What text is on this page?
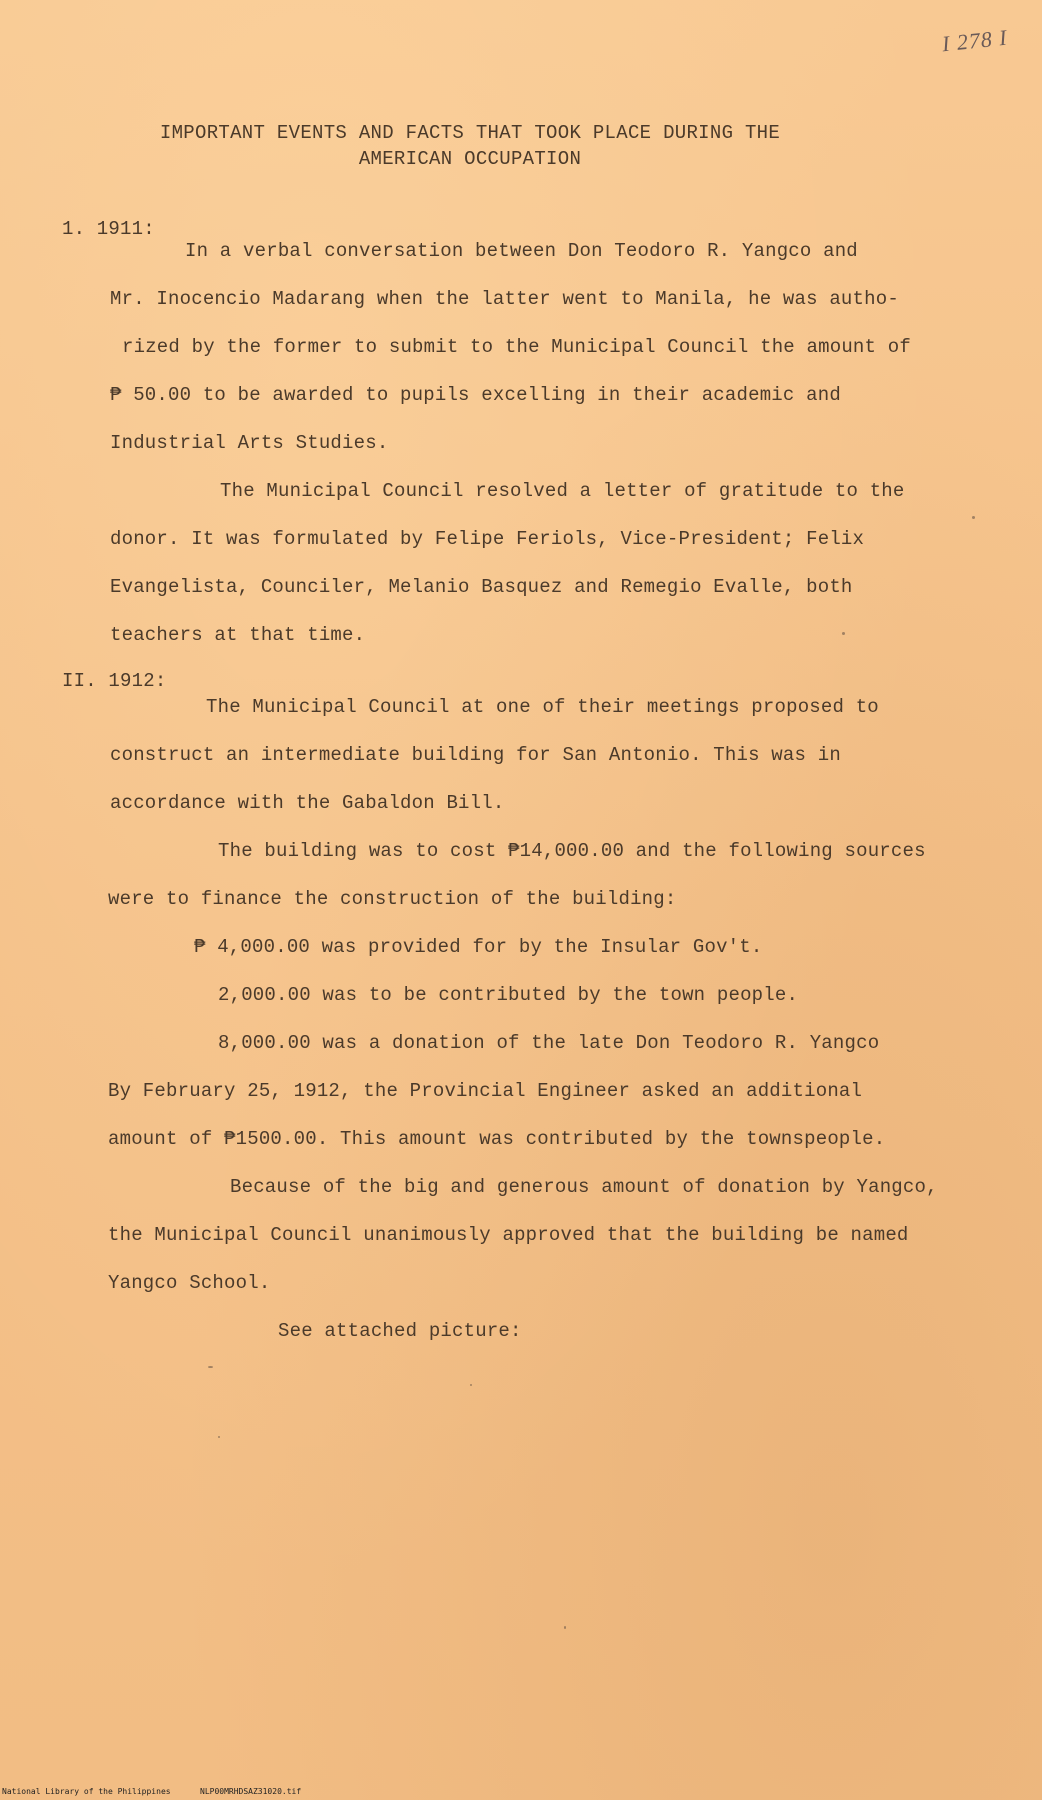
I 278 I
IMPORTANT EVENTS AND FACTS THAT TOOK PLACE DURING THE
AMERICAN OCCUPATION
1. 1911:
In a verbal conversation between Don Teodoro R. Yangco and
Mr. Inocencio Madarang when the latter went to Manila, he was autho-
rized by the former to submit to the Municipal Council the amount of
₱ 50.00 to be awarded to pupils excelling in their academic and
Industrial Arts Studies.
The Municipal Council resolved a letter of gratitude to the
donor. It was formulated by Felipe Feriols, Vice-President; Felix
Evangelista, Counciler, Melanio Basquez and Remegio Evalle, both
teachers at that time.
II. 1912:
The Municipal Council at one of their meetings proposed to
construct an intermediate building for San Antonio. This was in
accordance with the Gabaldon Bill.
The building was to cost ₱14,000.00 and the following sources
were to finance the construction of the building:
₱ 4,000.00 was provided for by the Insular Gov't.
2,000.00 was to be contributed by the town people.
8,000.00 was a donation of the late Don Teodoro R. Yangco
By February 25, 1912, the Provincial Engineer asked an additional
amount of ₱1500.00. This amount was contributed by the townspeople.
Because of the big and generous amount of donation by Yangco,
the Municipal Council unanimously approved that the building be named
Yangco School.
See attached picture:
National Library of the Philippines	NLP00MRHDSAZ31020.tif
